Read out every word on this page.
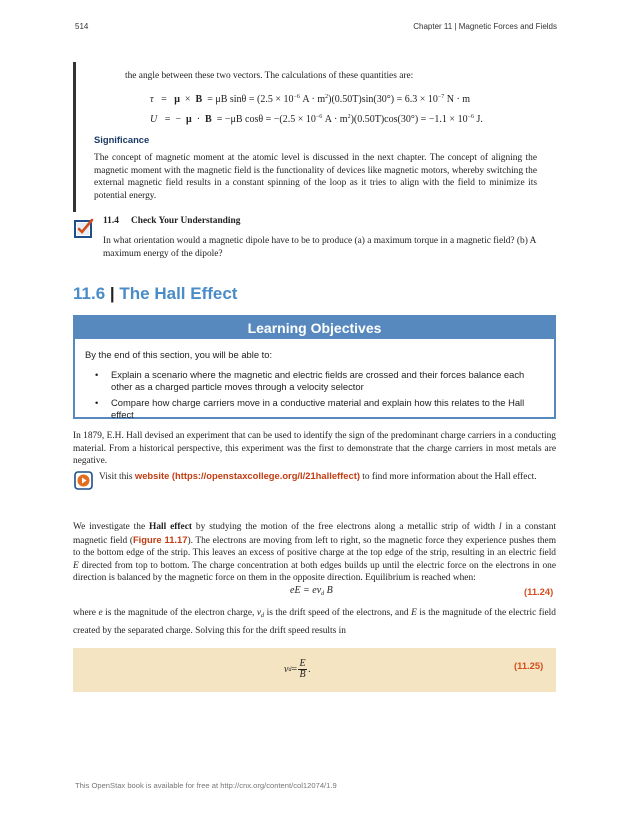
514	Chapter 11 | Magnetic Forces and Fields
the angle between these two vectors. The calculations of these quantities are:
τ   =   μ  ×  B  = μB $\sin\theta = (2.5 \times 10^{-6}$ $A \cdot m^2)(0.50T)\sin(30^\circ) = 6.3 \times 10^{-7}$ N · m
U   =  −  μ  ·  B  = −μB $\cos\theta = -(2.5 \times 10^{-6}$ $A \cdot m^2)(0.50T)\cos(30^\circ) = -1.1 \times 10^{-6}$ J.
Significance
The concept of magnetic moment at the atomic level is discussed in the next chapter. The concept of aligning the magnetic moment with the magnetic field is the functionality of devices like magnetic motors, whereby switching the external magnetic field results in a constant spinning of the loop as it tries to align with the field to minimize its potential energy.
11.4 Check Your Understanding
In what orientation would a magnetic dipole have to be to produce (a) a maximum torque in a magnetic field? (b) A maximum energy of the dipole?
11.6 | The Hall Effect
Learning Objectives
By the end of this section, you will be able to:
• Explain a scenario where the magnetic and electric fields are crossed and their forces balance each other as a charged particle moves through a velocity selector
• Compare how charge carriers move in a conductive material and explain how this relates to the Hall effect
In 1879, E.H. Hall devised an experiment that can be used to identify the sign of the predominant charge carriers in a conducting material. From a historical perspective, this experiment was the first to demonstrate that the charge carriers in most metals are negative.
Visit this website (https://openstaxcollege.org/l/21halleffect) to find more information about the Hall effect.
We investigate the Hall effect by studying the motion of the free electrons along a metallic strip of width l in a constant magnetic field (Figure 11.17). The electrons are moving from left to right, so the magnetic force they experience pushes them to the bottom edge of the strip. This leaves an excess of positive charge at the top edge of the strip, resulting in an electric field E directed from top to bottom. The charge concentration at both edges builds up until the electric force on the electrons in one direction is balanced by the magnetic force on them in the opposite direction. Equilibrium is reached when:
eE = $ev_d$ B	(11.24)
where e is the magnitude of the electron charge, $v_d$ is the drift speed of the electrons, and E is the magnitude of the electric field created by the separated charge. Solving this for the drift speed results in
v d = E
B .	(11.25)
This OpenStax book is available for free at http://cnx.org/content/col12074/1.9
